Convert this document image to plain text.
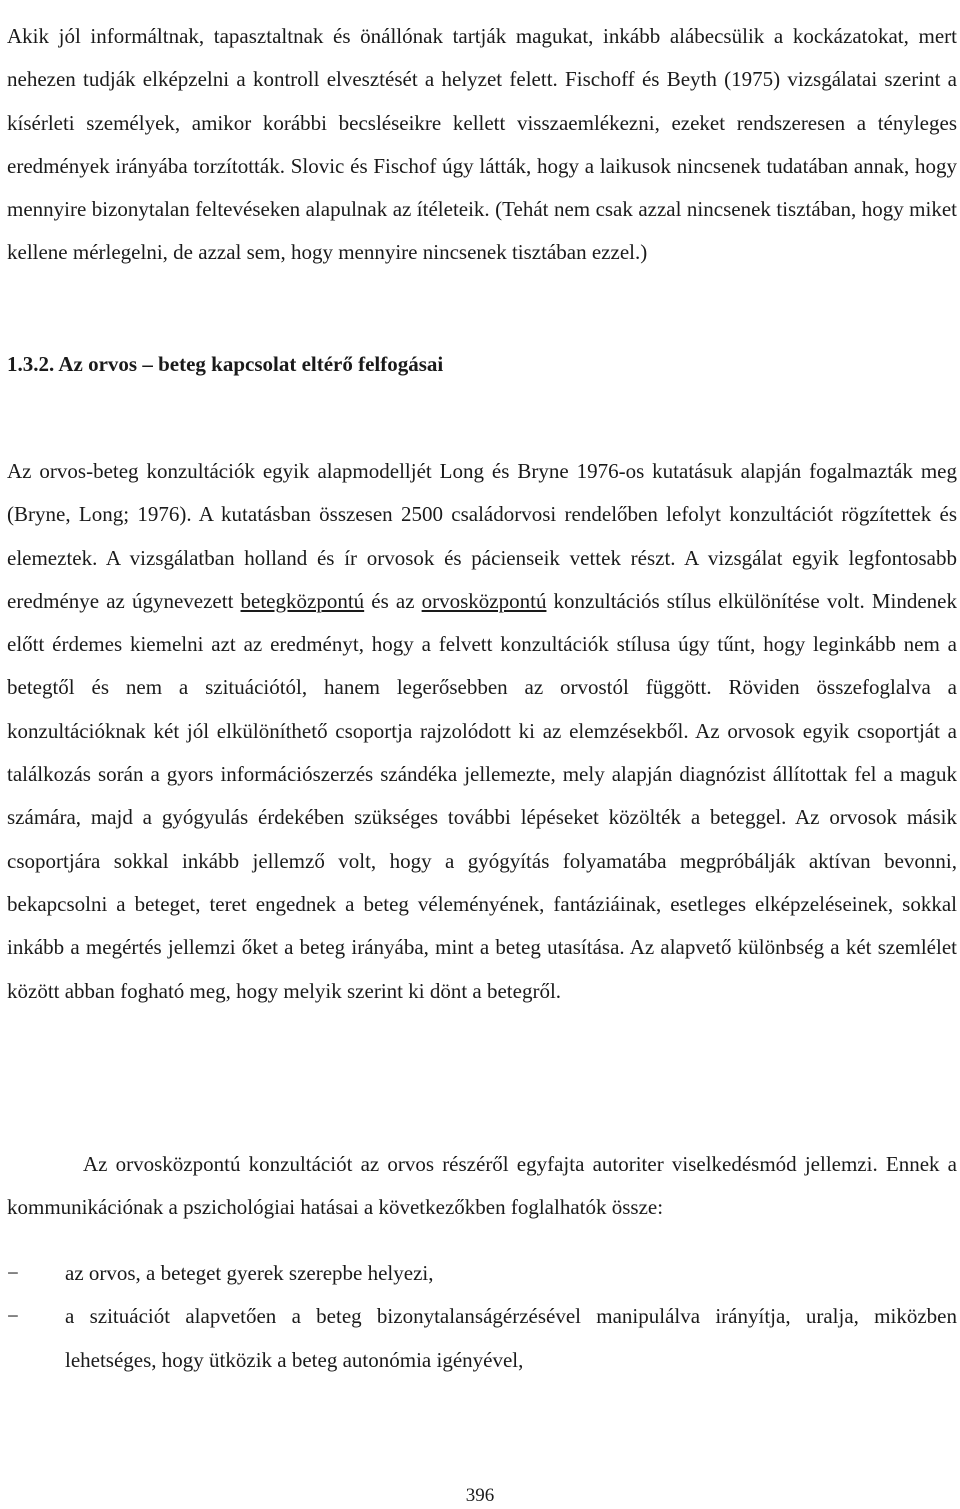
Akik jól informáltnak, tapasztaltnak és önállónak tartják magukat, inkább alábecsülik a kockázatokat, mert nehezen tudják elképzelni a kontroll elvesztését a helyzet felett. Fischoff és Beyth (1975) vizsgálatai szerint a kísérleti személyek, amikor korábbi becsléseikre kellett visszaemlékezni, ezeket rendszeresen a tényleges eredmények irányába torzították. Slovic és Fischof úgy látták, hogy a laikusok nincsenek tudatában annak, hogy mennyire bizonytalan feltevéseken alapulnak az ítéleteik. (Tehát nem csak azzal nincsenek tisztában, hogy miket kellene mérlegelni, de azzal sem, hogy mennyire nincsenek tisztában ezzel.)

1.3.2. Az orvos – beteg kapcsolat eltérő felfogásai

Az orvos-beteg konzultációk egyik alapmodelljét Long és Bryne 1976-os kutatásuk alapján fogalmazták meg (Bryne, Long; 1976). A kutatásban összesen 2500 családorvosi rendelőben lefolyt konzultációt rögzítettek és elemeztek. A vizsgálatban holland és ír orvosok és pácienseik vettek részt. A vizsgálat egyik legfontosabb eredménye az úgynevezett betegközpontú és az orvosközpontú konzultációs stílus elkülönítése volt. Mindenek előtt érdemes kiemelni azt az eredményt, hogy a felvett konzultációk stílusa úgy tűnt, hogy leginkább nem a betegtől és nem a szituációtól, hanem legerősebben az orvostól függött. Röviden összefoglalva a konzultációknak két jól elkülöníthető csoportja rajzolódott ki az elemzésekből. Az orvosok egyik csoportját a találkozás során a gyors információszerzés szándéka jellemezte, mely alapján diagnózist állítottak fel a maguk számára, majd a gyógyulás érdekében szükséges további lépéseket közölték a beteggel. Az orvosok másik csoportjára sokkal inkább jellemző volt, hogy a gyógyítás folyamatába megpróbálják aktívan bevonni, bekapcsolni a beteget, teret engednek a beteg véleményének, fantáziáinak, esetleges elképzeléseinek, sokkal inkább a megértés jellemzi őket a beteg irányába, mint a beteg utasítása. Az alapvető különbség a két szemlélet között abban fogható meg, hogy melyik szerint ki dönt a betegről.

Az orvosközpontú konzultációt az orvos részéről egyfajta autoriter viselkedésmód jellemzi. Ennek a kommunikációnak a pszichológiai hatásai a következőkben foglalhatók össze:

− az orvos, a beteget gyerek szerepbe helyezi,
− a szituációt alapvetően a beteg bizonytalanságérzésével manipulálva irányítja, uralja, miközben lehetséges, hogy ütközik a beteg autonómia igényével,
396
